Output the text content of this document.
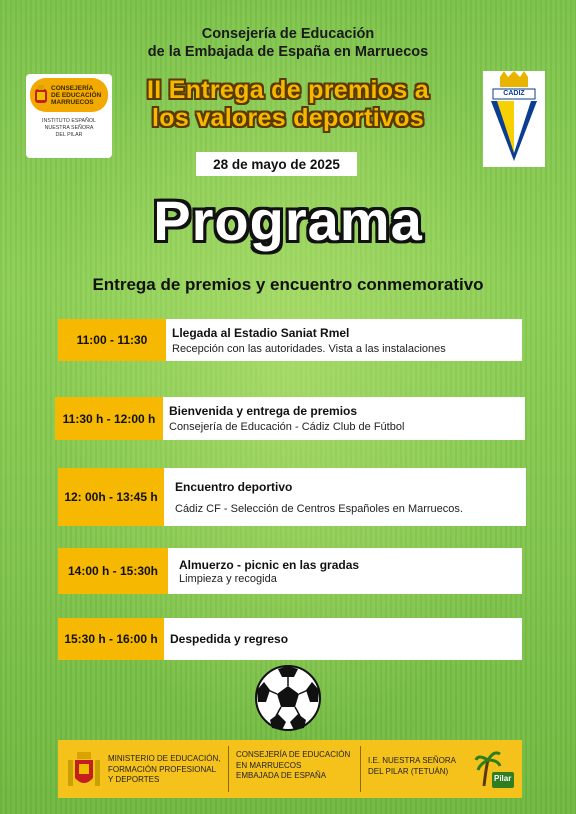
Consejería de Educación
de la Embajada de España en Marruecos
II Entrega de premios a
los valores deportivos
CONSEJERÍA
DE EDUCACIÓN
MARRUECOS
INSTITUTO ESPAÑOL
NUESTRA SEÑORA
DEL PILAR
CADIZ
28 de mayo de 2025
Programa
Entrega de premios y encuentro conmemorativo
11:00 - 11:30
Llegada al Estadio Saniat Rmel
Recepción con las autoridades. Vista a las instalaciones
11:30 h - 12:00 h
Bienvenida y entrega de premios
Consejería de Educación - Cádiz Club de Fútbol
12: 00h - 13:45 h
Encuentro deportivo
Cádiz CF - Selección de Centros Españoles en Marruecos.
14:00 h - 15:30h	Almuerzo - picnic en las gradas
Limpieza y recogida
15:30 h - 16:00 h	Despedida y regreso
MINISTERIO DE EDUCACIÓN,
FORMACIÓN PROFESIONAL
Y DEPORTES
CONSEJERÍA DE EDUCACIÓN
EN MARRUECOS
EMBAJADA DE ESPAÑA
I.E. NUESTRA SEÑORA
DEL PILAR (TETUÁN)
Pilar
